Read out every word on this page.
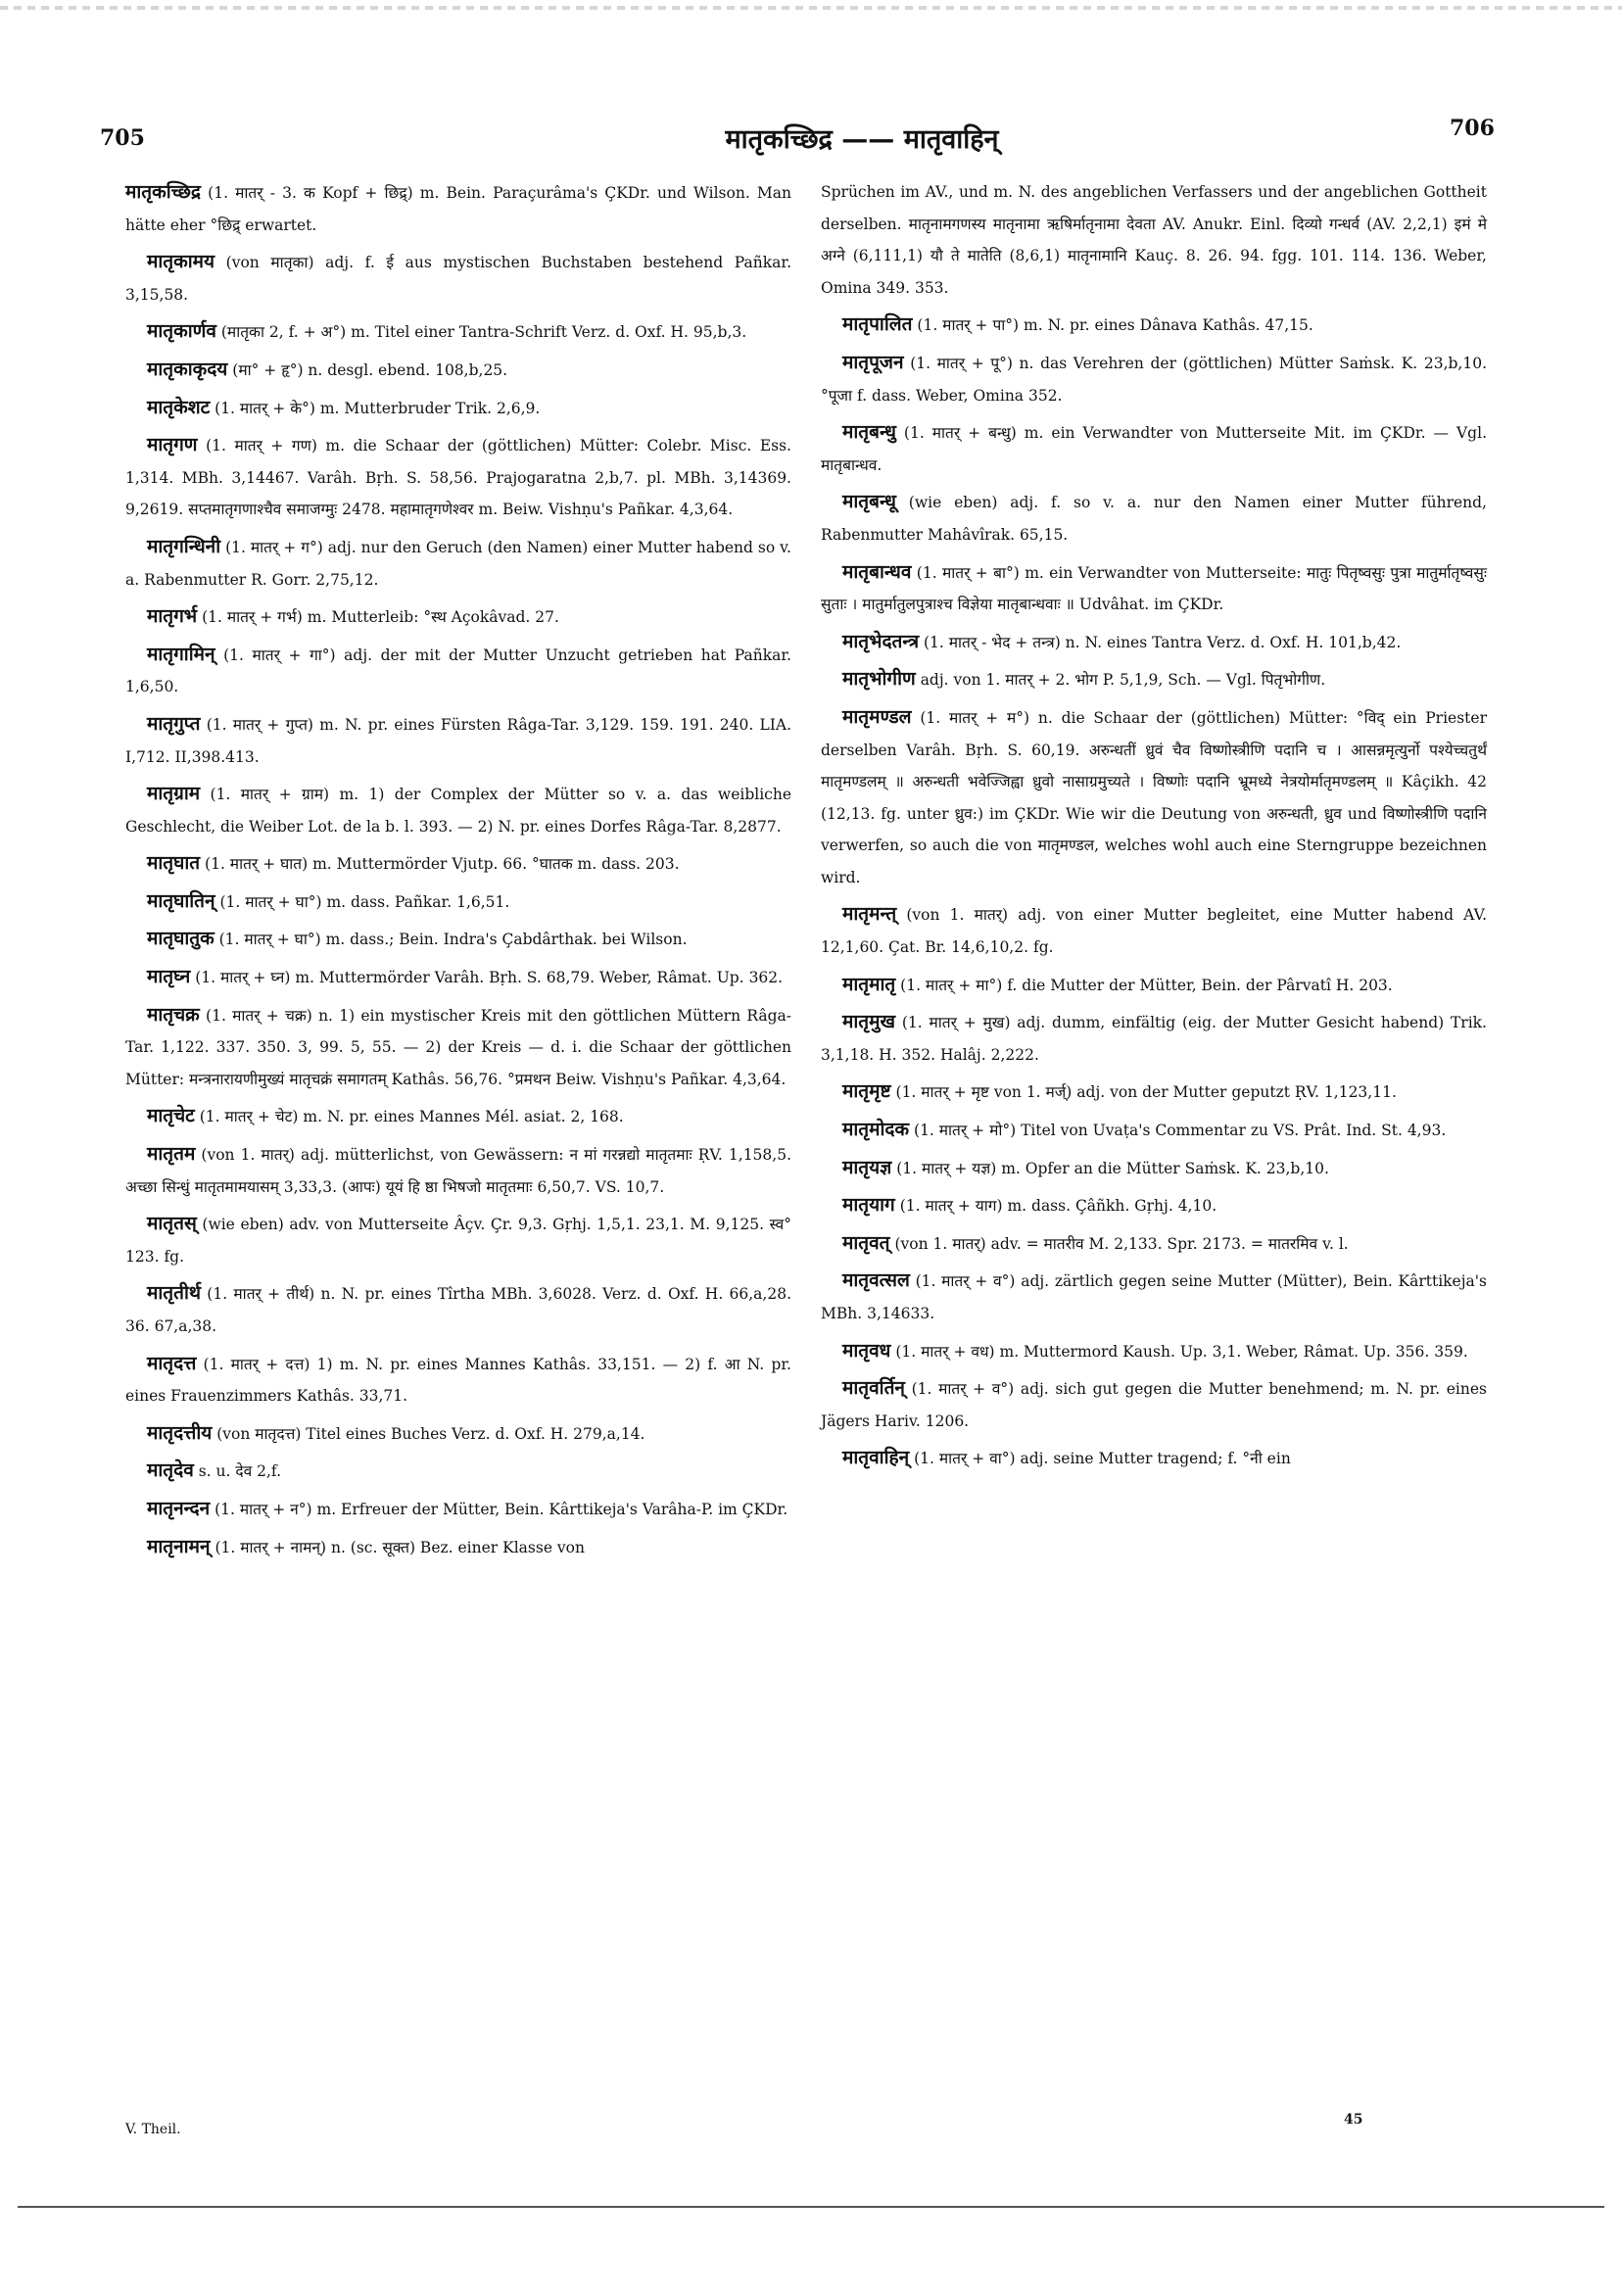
705	मातृकच्छिद्र —— मातृवाहिन्	706

मातृकच्छिद्र (1. मातर् - 3. क Kopf + छिद्र्) m. Bein. Paraçurâma's ÇKDr. und Wilson. Man hätte eher °छिद्र् erwartet.

मातृकामय (von मातृका) adj. f. ई aus mystischen Buchstaben bestehend Pañkar. 3,15,58.

मातृकार्णव (मातृका 2, f. + अ°) m. Titel einer Tantra-Schrift Verz. d. Oxf. H. 95,b,3.

मातृकाकृदय (मा° + हृ°) n. desgl. ebend. 108,b,25.

मातृकेशट (1. मातर् + के°) m. Mutterbruder Trik. 2,6,9.

मातृगण (1. मातर् + गण) m. die Schaar der (göttlichen) Mütter: Colebr. Misc. Ess. 1,314. MBh. 3,14467. Varâh. Bṛh. S. 58,56. Prajogaratna 2,b,7. pl. MBh. 3,14369. 9,2619. सप्तमातृगणाश्चैव समाजग्मुः 2478. महामातृगणेश्वर m. Beiw. Vishṇu's Pañkar. 4,3,64.

मातृगन्धिनी (1. मातर् + ग°) adj. nur den Geruch (den Namen) einer Mutter habend so v. a. Rabenmutter R. Gorr. 2,75,12.

मातृगर्भ (1. मातर् + गर्भ) m. Mutterleib: °स्थ Açokâvad. 27.

मातृगामिन् (1. मातर् + गा°) adj. der mit der Mutter Unzucht getrieben hat Pañkar. 1,6,50.

मातृगुप्त (1. मातर् + गुप्त) m. N. pr. eines Fürsten Râga-Tar. 3,129. 159. 191. 240. LIA. I,712. II,398.413.

मातृग्राम (1. मातर् + ग्राम) m. 1) der Complex der Mütter so v. a. das weibliche Geschlecht, die Weiber Lot. de la b. l. 393. — 2) N. pr. eines Dorfes Râga-Tar. 8,2877.

मातृघात (1. मातर् + घात) m. Muttermörder Vjutp. 66. °घातक m. dass. 203.

मातृघातिन् (1. मातर् + घा°) m. dass. Pañkar. 1,6,51.

मातृघातुक (1. मातर् + घा°) m. dass.; Bein. Indra's Çabdârthak. bei Wilson.

मातृघ्न (1. मातर् + घ्न) m. Muttermörder Varâh. Bṛh. S. 68,79. Weber, Râmat. Up. 362.

मातृचक्र (1. मातर् + चक्र) n. 1) ein mystischer Kreis mit den göttlichen Müttern Râga-Tar. 1,122. 337. 350. 3, 99. 5, 55. — 2) der Kreis — d. i. die Schaar der göttlichen Mütter: मन्त्रनारायणीमुख्यं मातृचक्रं समागतम् Kathâs. 56,76. °प्रमथन Beiw. Vishṇu's Pañkar. 4,3,64.

मातृचेट (1. मातर् + चेट) m. N. pr. eines Mannes Mél. asiat. 2, 168.

मातृतम (von 1. मातर्) adj. mütterlichst, von Gewässern: न मां गरन्नद्यो मातृतमाः ṚV. 1,158,5. अच्छा सिन्धुं मातृतमामयासम् 3,33,3. (आपः) यूयं हि ष्ठा भिषजो मातृतमाः 6,50,7. VS. 10,7.

मातृतस् (wie eben) adv. von Mutterseite Âçv. Çr. 9,3. Gṛhj. 1,5,1. 23,1. M. 9,125. स्व° 123. fg.

मातृतीर्थ (1. मातर् + तीर्थ) n. N. pr. eines Tîrtha MBh. 3,6028. Verz. d. Oxf. H. 66,a,28. 36. 67,a,38.

मातृदत्त (1. मातर् + दत्त) 1) m. N. pr. eines Mannes Kathâs. 33,151. — 2) f. आ N. pr. eines Frauenzimmers Kathâs. 33,71.

मातृदत्तीय (von मातृदत्त) Titel eines Buches Verz. d. Oxf. H. 279,a,14.

मातृदेव s. u. देव 2,f.

मातृनन्दन (1. मातर् + न°) m. Erfreuer der Mütter, Bein. Kârttikeja's Varâha-P. im ÇKDr.

मातृनामन् (1. मातर् + नामन्) n. (sc. सूक्त) Bez. einer Klasse von

Sprüchen im AV., und m. N. des angeblichen Verfassers und der angeblichen Gottheit derselben. मातृनामगणस्य मातृनामा ऋषिर्मातृनामा देवता AV. Anukr. Einl. दिव्यो गन्धर्व (AV. 2,2,1) इमं मे अग्ने (6,111,1) यौ ते मातेति (8,6,1) मातृनामानि Kauç. 8. 26. 94. fgg. 101. 114. 136. Weber, Omina 349. 353.

मातृपालित (1. मातर् + पा°) m. N. pr. eines Dânava Kathâs. 47,15.

मातृपूजन (1. मातर् + पू°) n. das Verehren der (göttlichen) Mütter Saṁsk. K. 23,b,10. °पूजा f. dass. Weber, Omina 352.

मातृबन्धु (1. मातर् + बन्धु) m. ein Verwandter von Mutterseite Mit. im ÇKDr. — Vgl. मातृबान्धव.

मातृबन्धू (wie eben) adj. f. so v. a. nur den Namen einer Mutter führend, Rabenmutter Mahâvîrak. 65,15.

मातृबान्धव (1. मातर् + बा°) m. ein Verwandter von Mutterseite: मातुः पितृष्वसुः पुत्रा मातुर्मातृष्वसुः सुताः । मातुर्मातुलपुत्राश्च विज्ञेया मातृबान्धवाः ॥ Udvâhat. im ÇKDr.

मातृभेदतन्त्र (1. मातर् - भेद + तन्त्र) n. N. eines Tantra Verz. d. Oxf. H. 101,b,42.

मातृभोगीण adj. von 1. मातर् + 2. भोग P. 5,1,9, Sch. — Vgl. पितृभोगीण.

मातृमण्डल (1. मातर् + म°) n. die Schaar der (göttlichen) Mütter: °विद् ein Priester derselben Varâh. Bṛh. S. 60,19. अरुन्धतीं ध्रुवं चैव विष्णोस्त्रीणि पदानि च । आसन्नमृत्युर्नो पश्येच्चतुर्थं मातृमण्डलम् ॥ अरुन्धती भवेज्जिह्वा ध्रुवो नासाग्रमुच्यते । विष्णोः पदानि भ्रूमध्ये नेत्रयोर्मातृमण्डलम् ॥ Kâçikh. 42 (12,13. fg. unter ध्रुव:) im ÇKDr. Wie wir die Deutung von अरुन्धती, ध्रुव und विष्णोस्त्रीणि पदानि verwerfen, so auch die von मातृमण्डल, welches wohl auch eine Sterngruppe bezeichnen wird.

मातृमन्त् (von 1. मातर्) adj. von einer Mutter begleitet, eine Mutter habend AV. 12,1,60. Çat. Br. 14,6,10,2. fg.

मातृमातृ (1. मातर् + मा°) f. die Mutter der Mütter, Bein. der Pârvatî H. 203.

मातृमुख (1. मातर् + मुख) adj. dumm, einfältig (eig. der Mutter Gesicht habend) Trik. 3,1,18. H. 352. Halâj. 2,222.

मातृमृष्ट (1. मातर् + मृष्ट von 1. मर्ज्) adj. von der Mutter geputzt ṚV. 1,123,11.

मातृमोदक (1. मातर् + मो°) Titel von Uvaṭa's Commentar zu VS. Prât. Ind. St. 4,93.

मातृयज्ञ (1. मातर् + यज्ञ) m. Opfer an die Mütter Saṁsk. K. 23,b,10.

मातृयाग (1. मातर् + याग) m. dass. Çâñkh. Gṛhj. 4,10.

मातृवत् (von 1. मातर्) adv. = मातरीव M. 2,133. Spr. 2173. = मातरमिव v. l.

मातृवत्सल (1. मातर् + व°) adj. zärtlich gegen seine Mutter (Mütter), Bein. Kârttikeja's MBh. 3,14633.

मातृवध (1. मातर् + वध) m. Muttermord Kaush. Up. 3,1. Weber, Râmat. Up. 356. 359.

मातृवर्तिन् (1. मातर् + व°) adj. sich gut gegen die Mutter benehmend; m. N. pr. eines Jägers Hariv. 1206.

मातृवाहिन् (1. मातर् + वा°) adj. seine Mutter tragend; f. °नी ein

V. Theil.
45
